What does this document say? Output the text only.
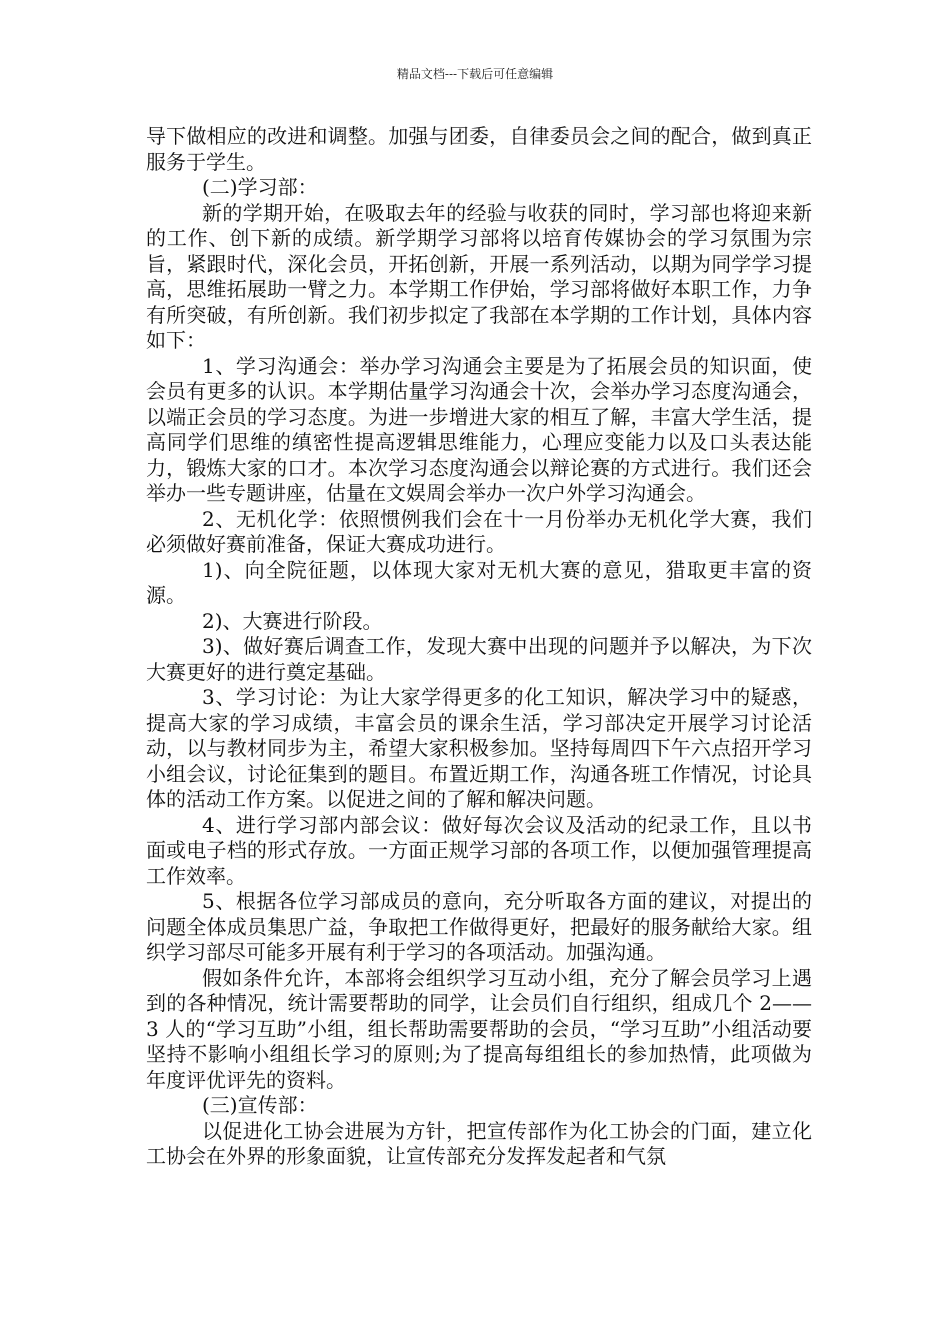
精品文档---下载后可任意编辑

导下做相应的改进和调整。加强与团委，自律委员会之间的配合，做到真正服务于学生。

(二)学习部：

新的学期开始，在吸取去年的经验与收获的同时，学习部也将迎来新的工作、创下新的成绩。新学期学习部将以培育传媒协会的学习氛围为宗旨，紧跟时代，深化会员，开拓创新，开展一系列活动，以期为同学学习提高，思维拓展助一臂之力。本学期工作伊始，学习部将做好本职工作，力争有所突破，有所创新。我们初步拟定了我部在本学期的工作计划，具体内容如下：

1、学习沟通会：举办学习沟通会主要是为了拓展会员的知识面，使会员有更多的认识。本学期估量学习沟通会十次，会举办学习态度沟通会，以端正会员的学习态度。为进一步增进大家的相互了解，丰富大学生活，提高同学们思维的缜密性提高逻辑思维能力，心理应变能力以及口头表达能力，锻炼大家的口才。本次学习态度沟通会以辩论赛的方式进行。我们还会举办一些专题讲座，估量在文娱周会举办一次户外学习沟通会。

2、无机化学：依照惯例我们会在十一月份举办无机化学大赛，我们必须做好赛前准备，保证大赛成功进行。

1)、向全院征题，以体现大家对无机大赛的意见，猎取更丰富的资源。

2)、大赛进行阶段。

3)、做好赛后调查工作，发现大赛中出现的问题并予以解决，为下次大赛更好的进行奠定基础。

3、学习讨论：为让大家学得更多的化工知识，解决学习中的疑惑，提高大家的学习成绩，丰富会员的课余生活，学习部决定开展学习讨论活动，以与教材同步为主，希望大家积极参加。坚持每周四下午六点招开学习小组会议，讨论征集到的题目。布置近期工作，沟通各班工作情况，讨论具体的活动工作方案。以促进之间的了解和解决问题。

4、进行学习部内部会议：做好每次会议及活动的纪录工作，且以书面或电子档的形式存放。一方面正规学习部的各项工作，以便加强管理提高工作效率。

5、根据各位学习部成员的意向，充分听取各方面的建议，对提出的问题全体成员集思广益，争取把工作做得更好，把最好的服务献给大家。组织学习部尽可能多开展有利于学习的各项活动。加强沟通。

假如条件允许，本部将会组织学习互动小组，充分了解会员学习上遇到的各种情况，统计需要帮助的同学，让会员们自行组织，组成几个 2——3 人的“学习互助”小组，组长帮助需要帮助的会员，“学习互助”小组活动要坚持不影响小组组长学习的原则;为了提高每组组长的参加热情，此项做为年度评优评先的资料。

(三)宣传部：

以促进化工协会进展为方针，把宣传部作为化工协会的门面，建立化工协会在外界的形象面貌，让宣传部充分发挥发起者和气氛
